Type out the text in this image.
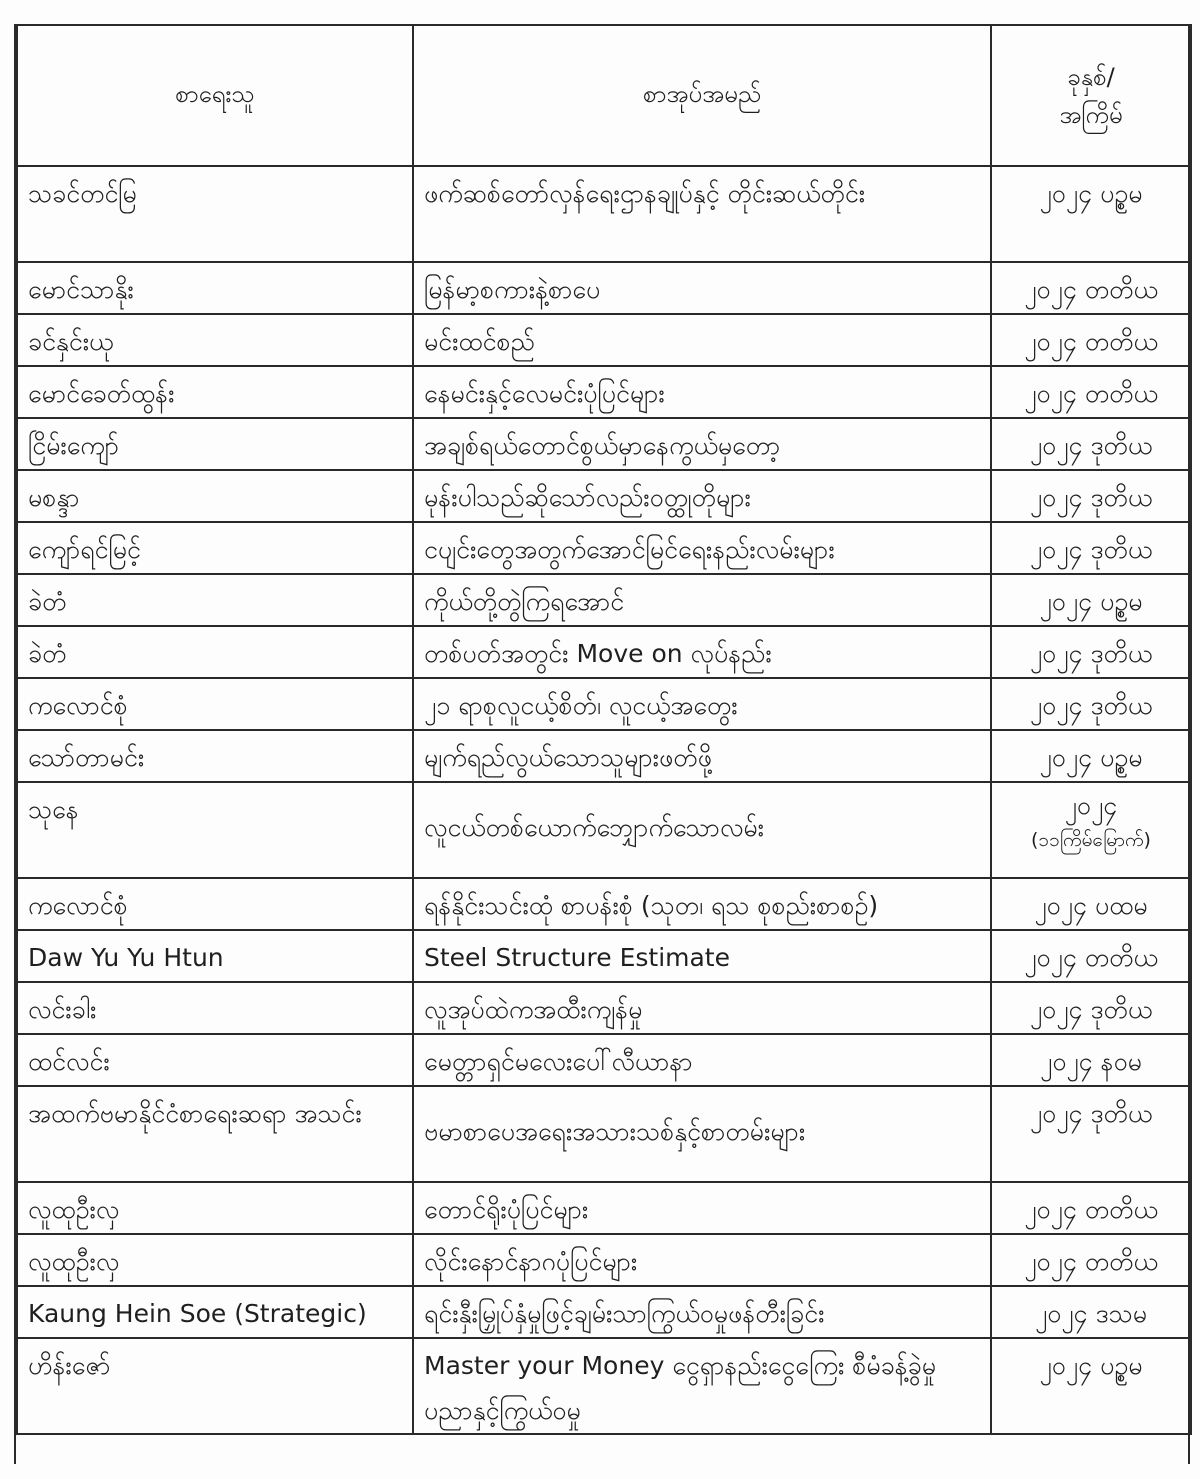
စာရေးသူ	စာအုပ်အမည်	ခုနှစ်/
အကြိမ်

သခင်တင်မြ	ဖက်ဆစ်တော်လှန်ရေးဌာနချုပ်နှင့် တိုင်းဆယ်တိုင်း	၂၀၂၄ ပဥ္စမ
မောင်သာနိုး	မြန်မာ့စကားနဲ့စာပေ	၂၀၂၄ တတိယ
ခင်နှင်းယု	မင်းထင်စည်	၂၀၂၄ တတိယ
မောင်ခေတ်ထွန်း	နေမင်းနှင့်လေမင်းပုံပြင်များ	၂၀၂၄ တတိယ
ငြိမ်းကျော်	အချစ်ရယ်တောင်စွယ်မှာနေကွယ်မှတော့	၂၀၂၄ ဒုတိယ
မစန္ဒာ	မုန်းပါသည်ဆိုသော်လည်းဝတ္ထုတိုများ	၂၀၂၄ ဒုတိယ
ကျော်ရင်မြင့်	ငပျင်းတွေအတွက်အောင်မြင်ရေးနည်းလမ်းများ	၂၀၂၄ ဒုတိယ
ခဲတံ	ကိုယ်တို့တွဲကြရအောင်	၂၀၂၄ ပဥ္စမ
ခဲတံ	တစ်ပတ်အတွင်း Move on လုပ်နည်း	၂၀၂၄ ဒုတိယ
ကလောင်စုံ	၂၁ ရာစုလူငယ့်စိတ်၊ လူငယ့်အတွေး	၂၀၂၄ ဒုတိယ
သော်တာမင်း	မျက်ရည်လွယ်သောသူများဖတ်ဖို့	၂၀၂၄ ပဥ္စမ
သုနေ	လူငယ်တစ်ယောက်ဘျှောက်သောလမ်း	၂၀၂၄
(၁၁ကြိမ်မြောက်)

ကလောင်စုံ	ရန်နိုင်းသင်းထုံ စာပန်းစုံ (သုတ၊ ရသ စုစည်းစာစဉ်)	၂၀၂၄ ပထမ
Daw Yu Yu Htun	Steel Structure Estimate	၂၀၂၄ တတိယ
လင်းခါး	လူအုပ်ထဲကအထီးကျန်မှု	၂၀၂၄ ဒုတိယ
ထင်လင်း	မေတ္တာရှင်မလေးပေါ်လီယာနာ	၂၀၂၄ နဝမ
အထက်ဗမာနိုင်ငံစာရေးဆရာ အသင်း	ဗမာစာပေအရေးအသားသစ်နှင့်စာတမ်းများ	၂၀၂၄ ဒုတိယ
လူထုဦးလှ	တောင်ရိုးပုံပြင်များ	၂၀၂၄ တတိယ
လူထုဦးလှ	လိုင်းနောင်နာဂပုံပြင်များ	၂၀၂၄ တတိယ
Kaung Hein Soe (Strategic)	ရင်းနှီးမြှုပ်နှံမှုဖြင့်ချမ်းသာကြွယ်ဝမှုဖန်တီးခြင်း	၂၀၂၄ ဒသမ
ဟိန်းဇော်	Master your Money ငွေရှာနည်းငွေကြေး စီမံခန့်ခွဲမှုပညာနှင့်ကြွယ်ဝမှု	၂၀၂၄ ပဥ္စမ
